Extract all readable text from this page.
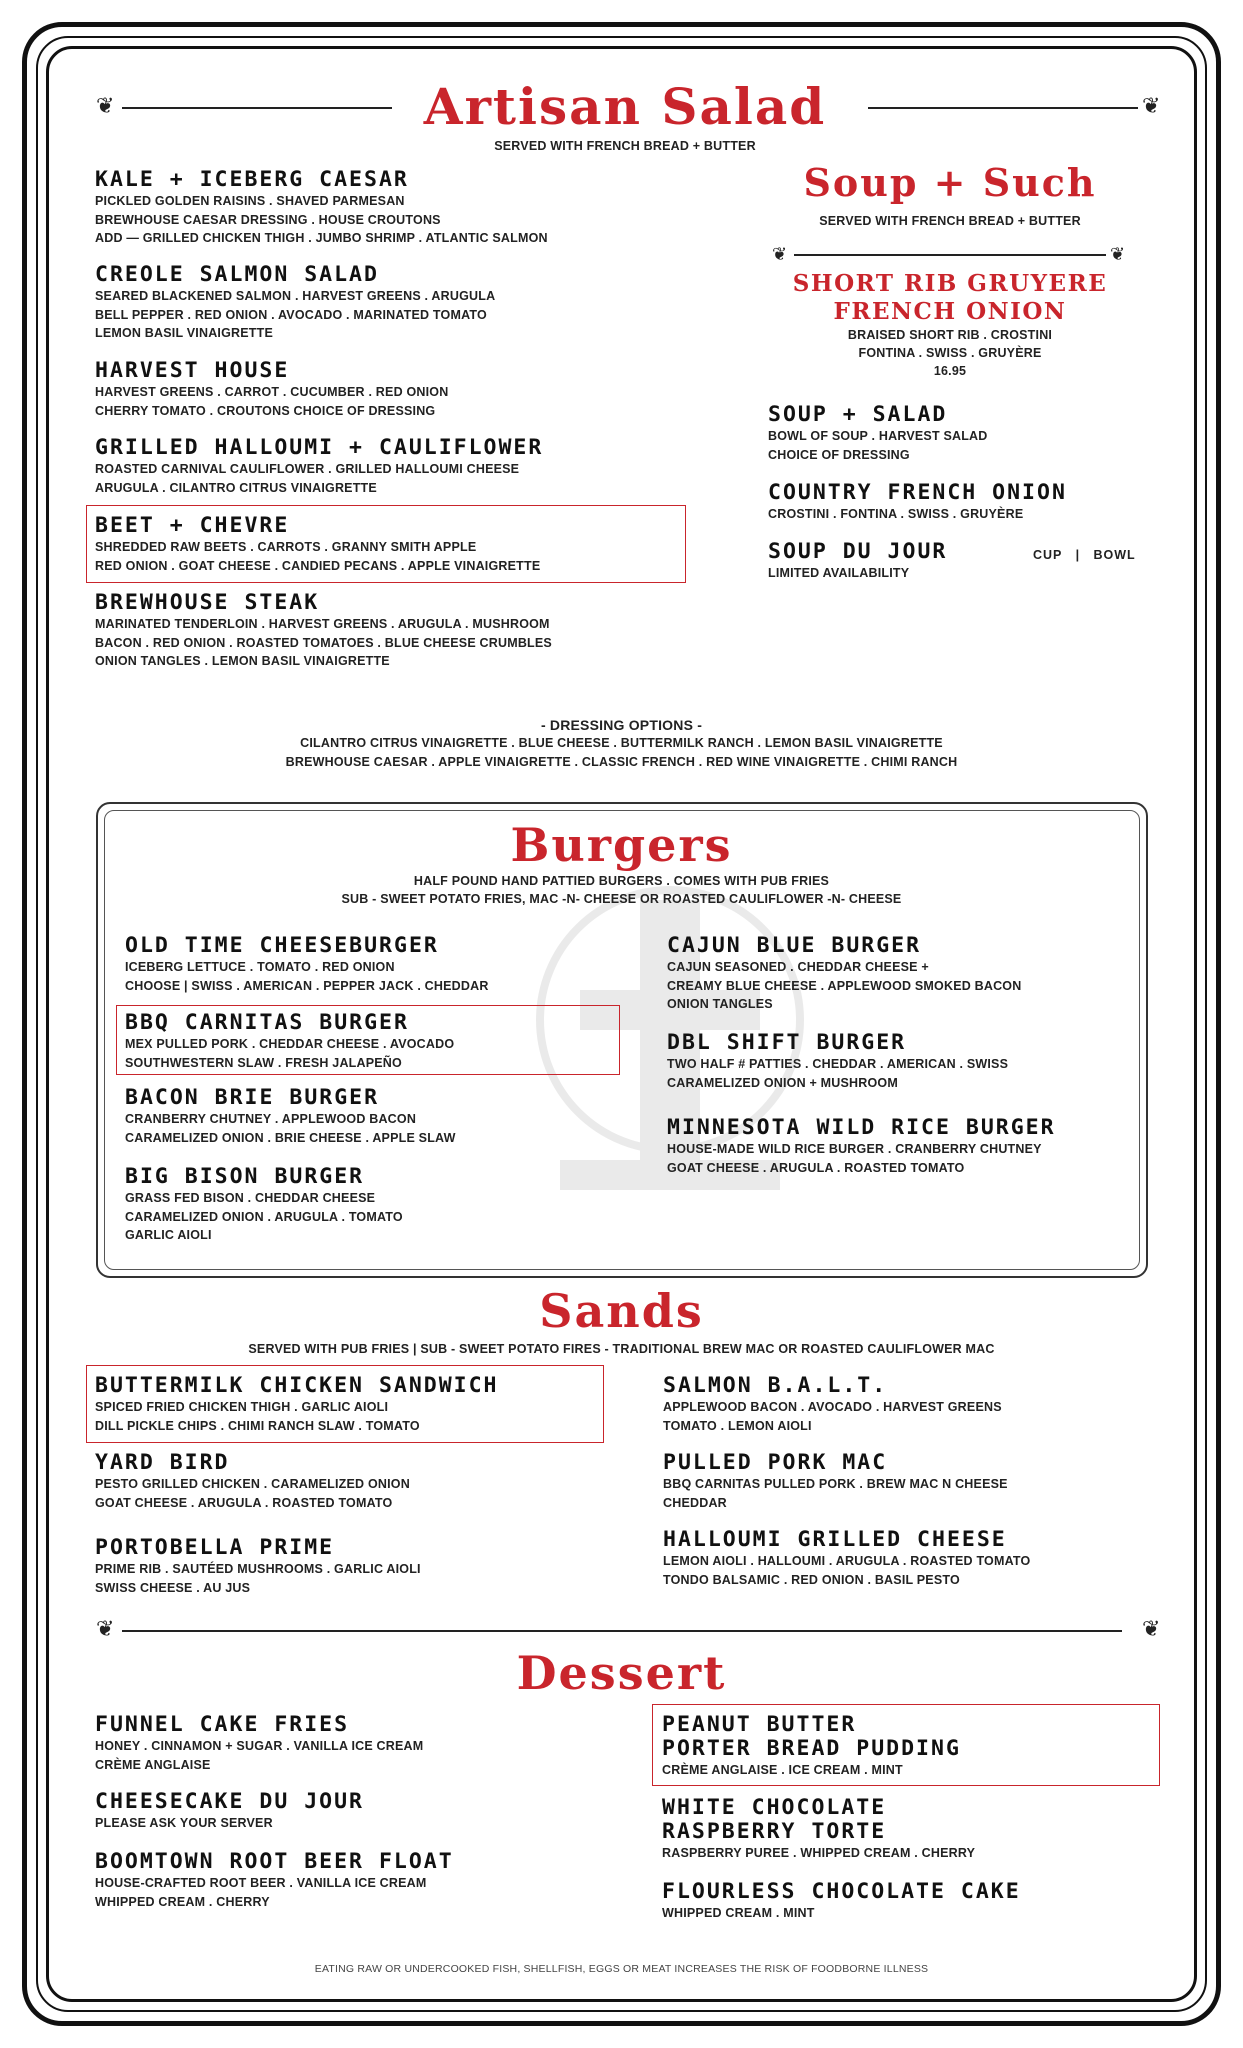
❦	❦
Artisan Salad
SERVED WITH FRENCH BREAD + BUTTER
KALE + ICEBERG CAESAR
PICKLED GOLDEN RAISINS . SHAVED PARMESAN
BREWHOUSE CAESAR DRESSING . HOUSE CROUTONS
ADD — GRILLED CHICKEN THIGH . JUMBO SHRIMP . ATLANTIC SALMON
CREOLE SALMON SALAD
SEARED BLACKENED SALMON . HARVEST GREENS . ARUGULA
BELL PEPPER . RED ONION . AVOCADO . MARINATED TOMATO
LEMON BASIL VINAIGRETTE
HARVEST HOUSE
HARVEST GREENS . CARROT . CUCUMBER . RED ONION
CHERRY TOMATO . CROUTONS CHOICE OF DRESSING
GRILLED HALLOUMI + CAULIFLOWER
ROASTED CARNIVAL CAULIFLOWER . GRILLED HALLOUMI CHEESE
ARUGULA . CILANTRO CITRUS VINAIGRETTE
BEET + CHEVRE
SHREDDED RAW BEETS . CARROTS . GRANNY SMITH APPLE
RED ONION . GOAT CHEESE . CANDIED PECANS . APPLE VINAIGRETTE
BREWHOUSE STEAK
MARINATED TENDERLOIN . HARVEST GREENS . ARUGULA . MUSHROOM
BACON . RED ONION . ROASTED TOMATOES . BLUE CHEESE CRUMBLES
ONION TANGLES . LEMON BASIL VINAIGRETTE
Soup + Such
SERVED WITH FRENCH BREAD + BUTTER
❦	❦
SHORT RIB GRUYERE
FRENCH ONION
BRAISED SHORT RIB . CROSTINI
FONTINA . SWISS . GRUYÈRE
16.95
SOUP + SALAD
BOWL OF SOUP . HARVEST SALAD
CHOICE OF DRESSING
COUNTRY FRENCH ONION
CROSTINI . FONTINA . SWISS . GRUYÈRE
SOUP DU JOUR
LIMITED AVAILABILITY
CUP   |   BOWL
- DRESSING OPTIONS -
CILANTRO CITRUS VINAIGRETTE . BLUE CHEESE . BUTTERMILK RANCH . LEMON BASIL VINAIGRETTE
BREWHOUSE CAESAR . APPLE VINAIGRETTE . CLASSIC FRENCH . RED WINE VINAIGRETTE . CHIMI RANCH
Burgers
HALF POUND HAND PATTIED BURGERS . COMES WITH PUB FRIES
SUB - SWEET POTATO FRIES, MAC -N- CHEESE OR ROASTED CAULIFLOWER -N- CHEESE
OLD TIME CHEESEBURGER
ICEBERG LETTUCE . TOMATO . RED ONION
CHOOSE | SWISS . AMERICAN . PEPPER JACK . CHEDDAR
BBQ CARNITAS BURGER
MEX PULLED PORK . CHEDDAR CHEESE . AVOCADO
SOUTHWESTERN SLAW . FRESH JALAPEÑO
BACON BRIE BURGER
CRANBERRY CHUTNEY . APPLEWOOD BACON
CARAMELIZED ONION . BRIE CHEESE . APPLE SLAW
BIG BISON BURGER
GRASS FED BISON . CHEDDAR CHEESE
CARAMELIZED ONION . ARUGULA . TOMATO
GARLIC AIOLI
CAJUN BLUE BURGER
CAJUN SEASONED . CHEDDAR CHEESE +
CREAMY BLUE CHEESE . APPLEWOOD SMOKED BACON
ONION TANGLES
DBL SHIFT BURGER
TWO HALF # PATTIES . CHEDDAR . AMERICAN . SWISS
CARAMELIZED ONION + MUSHROOM
MINNESOTA WILD RICE BURGER
HOUSE-MADE WILD RICE BURGER . CRANBERRY CHUTNEY
GOAT CHEESE . ARUGULA . ROASTED TOMATO
Sands
SERVED WITH PUB FRIES | SUB - SWEET POTATO FIRES - TRADITIONAL BREW MAC OR ROASTED CAULIFLOWER MAC
BUTTERMILK CHICKEN SANDWICH
SPICED FRIED CHICKEN THIGH . GARLIC AIOLI
DILL PICKLE CHIPS . CHIMI RANCH SLAW . TOMATO
YARD BIRD
PESTO GRILLED CHICKEN . CARAMELIZED ONION
GOAT CHEESE . ARUGULA . ROASTED TOMATO
PORTOBELLA PRIME
PRIME RIB . SAUTÉED MUSHROOMS . GARLIC AIOLI
SWISS CHEESE . AU JUS
SALMON B.A.L.T.
APPLEWOOD BACON . AVOCADO . HARVEST GREENS
TOMATO . LEMON AIOLI
PULLED PORK MAC
BBQ CARNITAS PULLED PORK . BREW MAC N CHEESE
CHEDDAR
HALLOUMI GRILLED CHEESE
LEMON AIOLI . HALLOUMI . ARUGULA . ROASTED TOMATO
TONDO BALSAMIC . RED ONION . BASIL PESTO
❦	❦
Dessert
FUNNEL CAKE FRIES
HONEY . CINNAMON + SUGAR . VANILLA ICE CREAM
CRÈME ANGLAISE
CHEESECAKE DU JOUR
PLEASE ASK YOUR SERVER
BOOMTOWN ROOT BEER FLOAT
HOUSE-CRAFTED ROOT BEER . VANILLA ICE CREAM
WHIPPED CREAM . CHERRY
PEANUT BUTTER
PORTER BREAD PUDDING
CRÈME ANGLAISE . ICE CREAM . MINT
WHITE CHOCOLATE
RASPBERRY TORTE
RASPBERRY PUREE . WHIPPED CREAM . CHERRY
FLOURLESS CHOCOLATE CAKE
WHIPPED CREAM . MINT
EATING RAW OR UNDERCOOKED FISH, SHELLFISH, EGGS OR MEAT INCREASES THE RISK OF FOODBORNE ILLNESS
